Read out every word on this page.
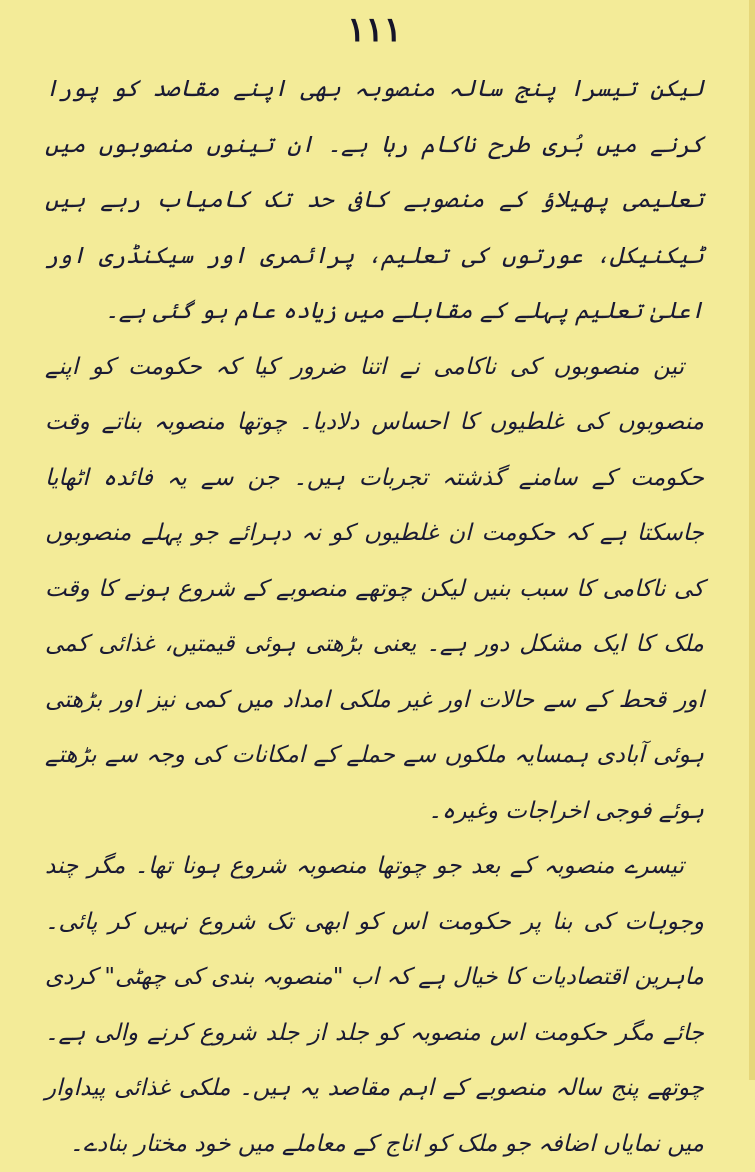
۱۱۱

لیکن تیسرا پنج سالہ منصوبہ بھی اپنے مقاصد کو پورا کرنے میں بُری طرح ناکام رہا ہے۔ ان تینوں منصوبوں میں تعلیمی پھیلاؤ کے منصوبے کافی حد تک کامیاب رہے ہیں ٹیکنیکل، عورتوں کی تعلیم، پرائمری اور سیکنڈری اور اعلیٰ تعلیم پہلے کے مقابلے میں زیادہ عام ہو گئی ہے۔

تین منصوبوں کی ناکامی نے اتنا ضرور کیا کہ حکومت کو اپنے منصوبوں کی غلطیوں کا احساس دلادیا۔ چوتھا منصوبہ بناتے وقت حکومت کے سامنے گذشتہ تجربات ہیں۔ جن سے یہ فائدہ اٹھایا جاسکتا ہے کہ حکومت ان غلطیوں کو نہ دہرائے جو پہلے منصوبوں کی ناکامی کا سبب بنیں لیکن چوتھے منصوبے کے شروع ہونے کا وقت ملک کا ایک مشکل دور ہے۔ یعنی بڑھتی ہوئی قیمتیں، غذائی کمی اور قحط کے سے حالات اور غیر ملکی امداد میں کمی نیز اور بڑھتی ہوئی آبادی ہمسایہ ملکوں سے حملے کے امکانات کی وجہ سے بڑھتے ہوئے فوجی اخراجات وغیرہ۔

تیسرے منصوبہ کے بعد جو چوتھا منصوبہ شروع ہونا تھا۔ مگر چند وجوہات کی بنا پر حکومت اس کو ابھی تک شروع نہیں کر پائی۔ ماہرین اقتصادیات کا خیال ہے کہ اب "منصوبہ بندی کی چھٹی" کردی جائے مگر حکومت اس منصوبہ کو جلد از جلد شروع کرنے والی ہے۔ چوتھے پنج سالہ منصوبے کے اہم مقاصد یہ ہیں۔ ملکی غذائی پیداوار میں نمایاں اضافہ جو ملک کو اناج کے معاملے میں خود مختار بنادے۔
